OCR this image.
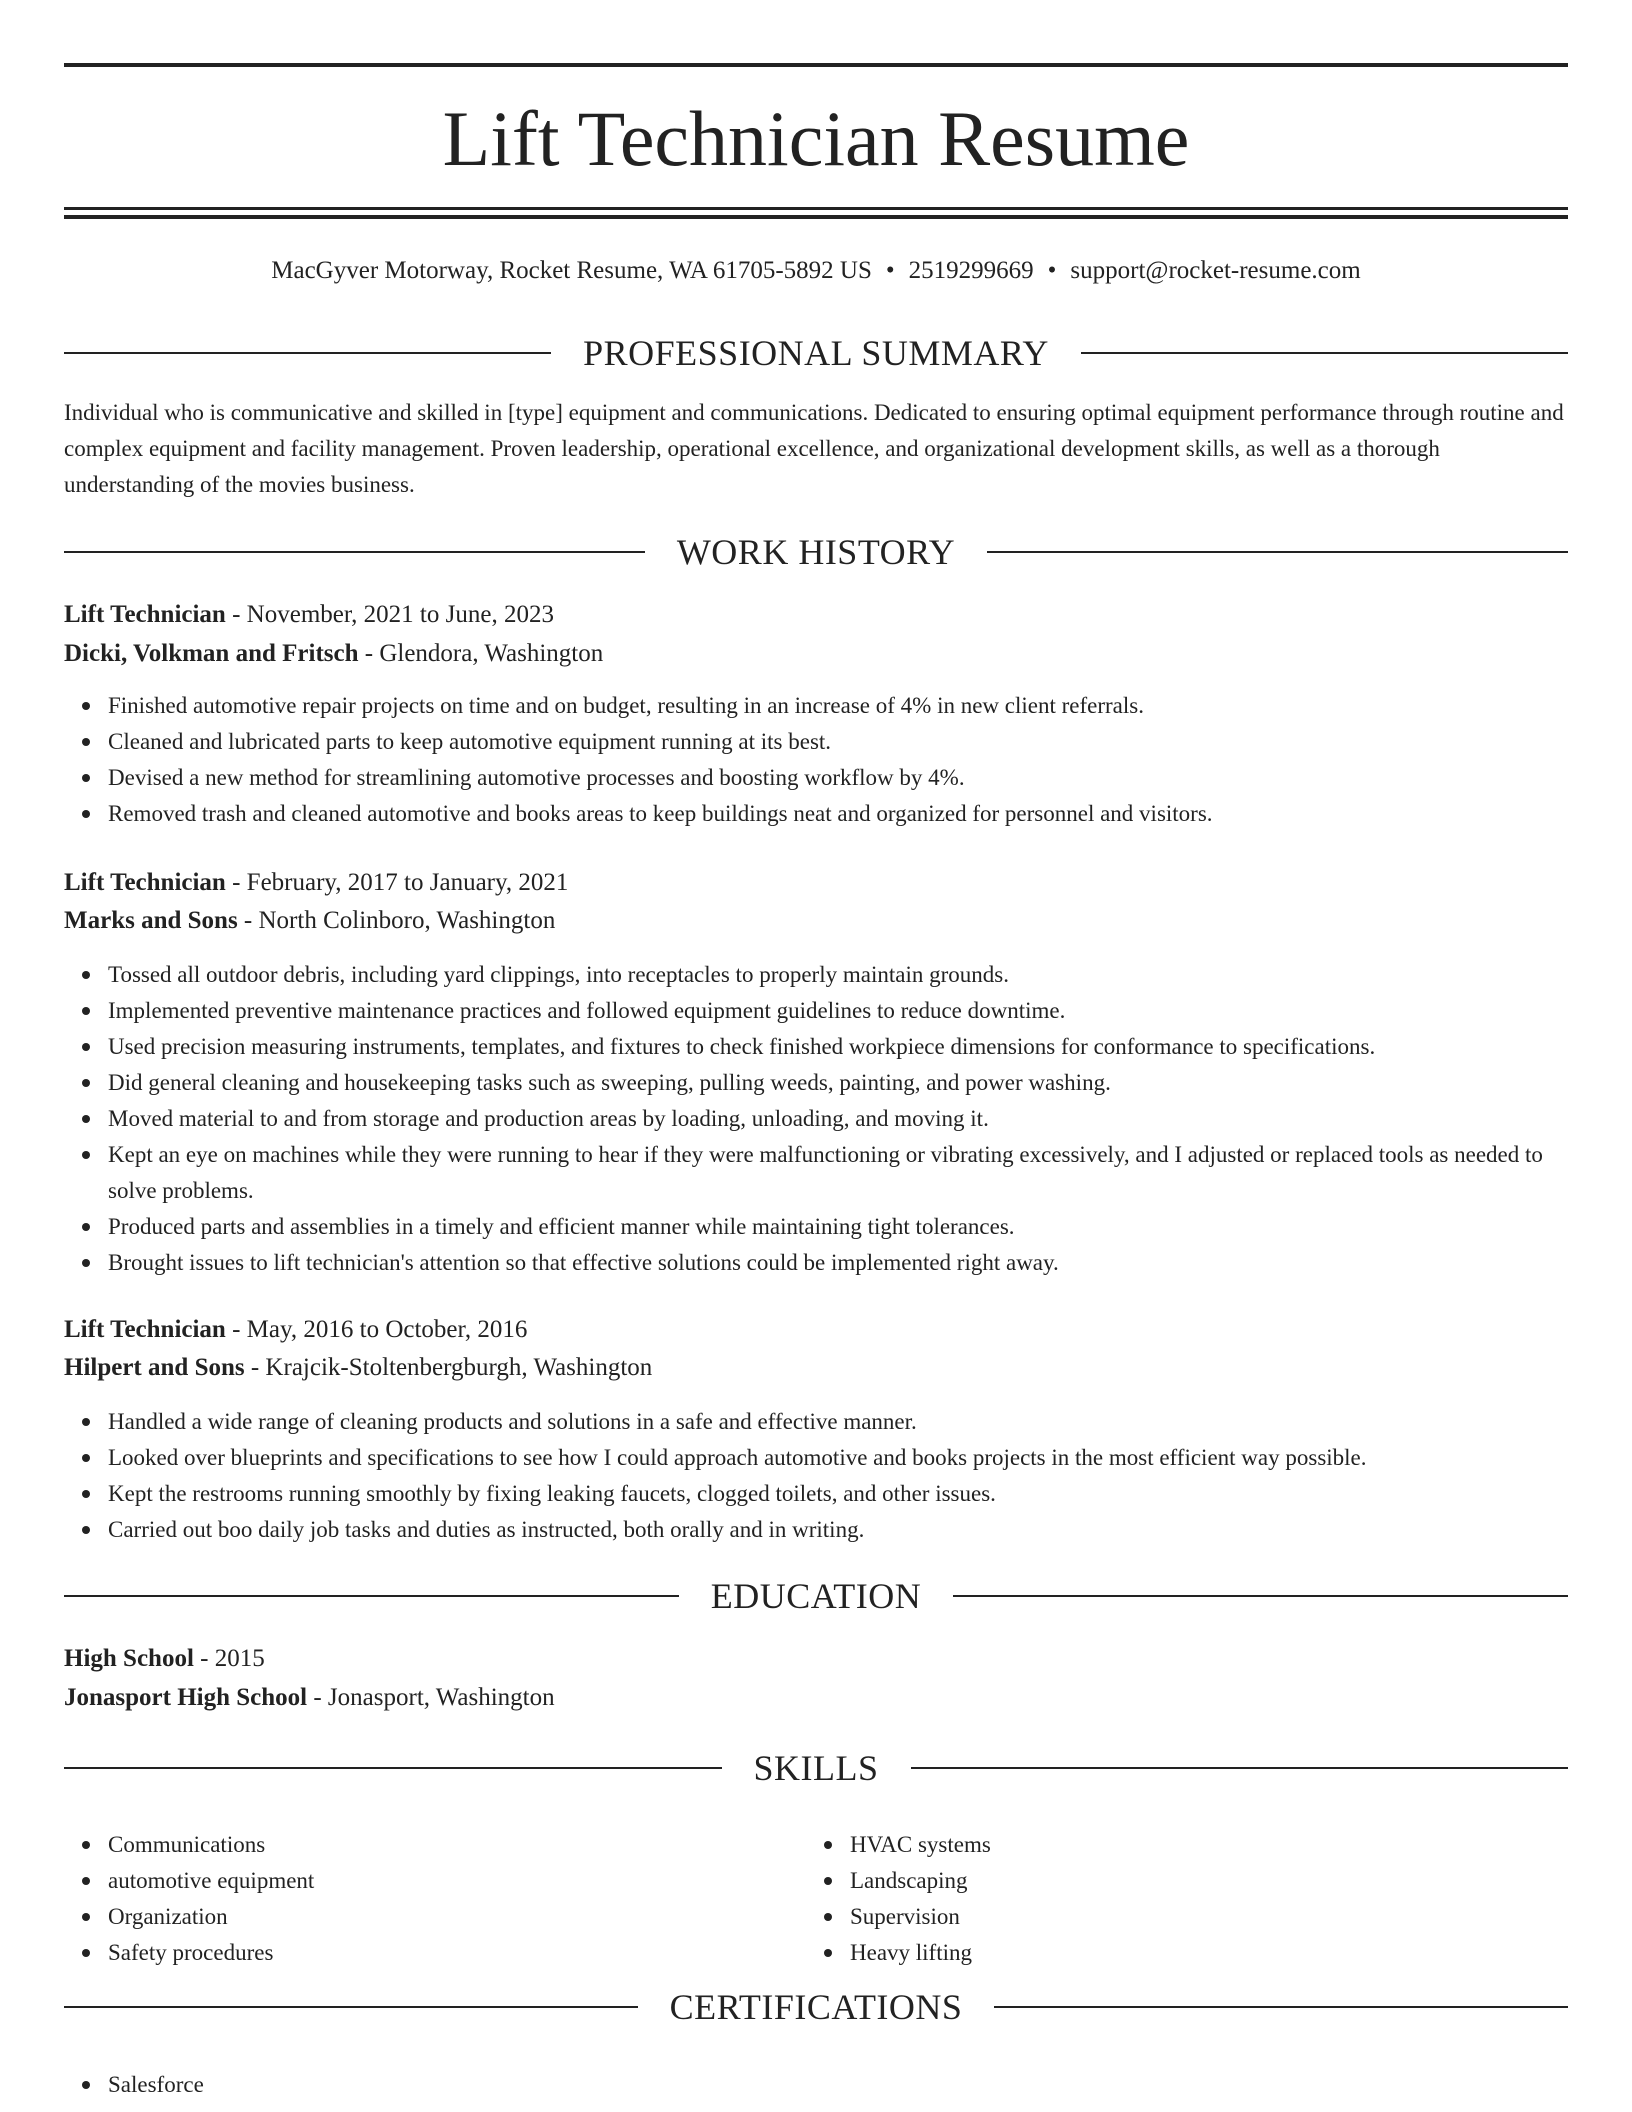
Lift Technician Resume
MacGyver Motorway, Rocket Resume, WA 61705-5892 US • 2519299669 • support@rocket-resume.com
PROFESSIONAL SUMMARY

Individual who is communicative and skilled in [type] equipment and communications. Dedicated to ensuring optimal equipment performance through routine and complex equipment and facility management. Proven leadership, operational excellence, and organizational development skills, as well as a thorough understanding of the movies business.

WORK HISTORY
Lift Technician - November, 2021 to June, 2023
Dicki, Volkman and Fritsch - Glendora, Washington
Finished automotive repair projects on time and on budget, resulting in an increase of 4% in new client referrals.
Cleaned and lubricated parts to keep automotive equipment running at its best.
Devised a new method for streamlining automotive processes and boosting workflow by 4%.
Removed trash and cleaned automotive and books areas to keep buildings neat and organized for personnel and visitors.
Lift Technician - February, 2017 to January, 2021
Marks and Sons - North Colinboro, Washington
Tossed all outdoor debris, including yard clippings, into receptacles to properly maintain grounds.
Implemented preventive maintenance practices and followed equipment guidelines to reduce downtime.
Used precision measuring instruments, templates, and fixtures to check finished workpiece dimensions for conformance to specifications.
Did general cleaning and housekeeping tasks such as sweeping, pulling weeds, painting, and power washing.
Moved material to and from storage and production areas by loading, unloading, and moving it.
Kept an eye on machines while they were running to hear if they were malfunctioning or vibrating excessively, and I adjusted or replaced tools as needed to solve problems.
Produced parts and assemblies in a timely and efficient manner while maintaining tight tolerances.
Brought issues to lift technician's attention so that effective solutions could be implemented right away.
Lift Technician - May, 2016 to October, 2016
Hilpert and Sons - Krajcik-Stoltenbergburgh, Washington
Handled a wide range of cleaning products and solutions in a safe and effective manner.
Looked over blueprints and specifications to see how I could approach automotive and books projects in the most efficient way possible.
Kept the restrooms running smoothly by fixing leaking faucets, clogged toilets, and other issues.
Carried out boo daily job tasks and duties as instructed, both orally and in writing.
EDUCATION
High School - 2015
Jonasport High School - Jonasport, Washington
SKILLS
Communications
automotive equipment
Organization
Safety procedures
HVAC systems
Landscaping
Supervision
Heavy lifting
CERTIFICATIONS
Salesforce
